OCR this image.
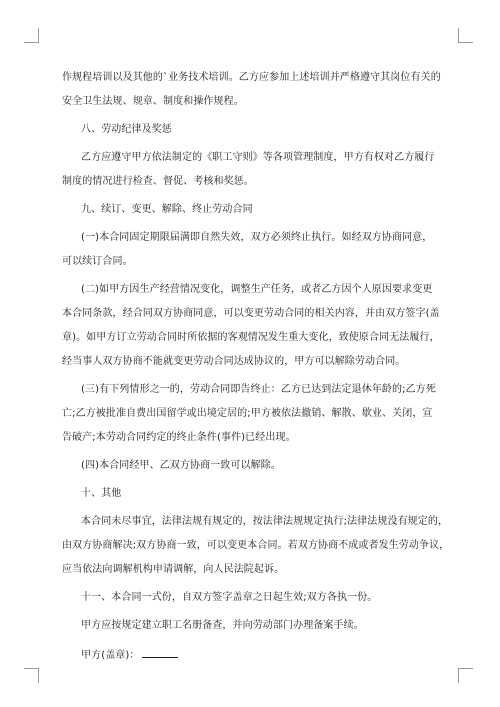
作规程培训以及其他的`业务技术培训。乙方应参加上述培训并严格遵守其岗位有关的
安全卫生法规、规章、制度和操作规程。
八、劳动纪律及奖惩
乙方应遵守甲方依法制定的《职工守则》等各项管理制度，甲方有权对乙方履行
制度的情况进行检查、督促、考核和奖惩。
九、续订、变更、解除、终止劳动合同
(一)本合同固定期限届满即自然失效，双方必须终止执行。如经双方协商同意，
可以续订合同。
(二)如甲方因生产经营情况变化，调整生产任务，或者乙方因个人原因要求变更
本合同条款，经合同双方协商同意，可以变更劳动合同的相关内容，并由双方签字(盖
章)。如甲方订立劳动合同时所依据的客观情况发生重大变化，致使原合同无法履行，
经当事人双方协商不能就变更劳动合同达成协议的，甲方可以解除劳动合同。
(三)有下列情形之一的，劳动合同即告终止：乙方已达到法定退休年龄的;乙方死
亡;乙方被批准自费出国留学或出境定居的;甲方被依法撤销、解散、歇业、关闭，宣
告破产;本劳动合同约定的终止条件(事件)已经出现。
(四)本合同经甲、乙双方协商一致可以解除。
十、其他
本合同未尽事宜，法律法规有规定的，按法律法规规定执行;法律法规没有规定的，
由双方协商解决;双方协商一致，可以变更本合同。若双方协商不成或者发生劳动争议，
应当依法向调解机构申请调解，向人民法院起诉。
十一、本合同一式份，自双方签字盖章之日起生效;双方各执一份。
甲方应按规定建立职工名册备查，并向劳动部门办理备案手续。
甲方(盖章)：
